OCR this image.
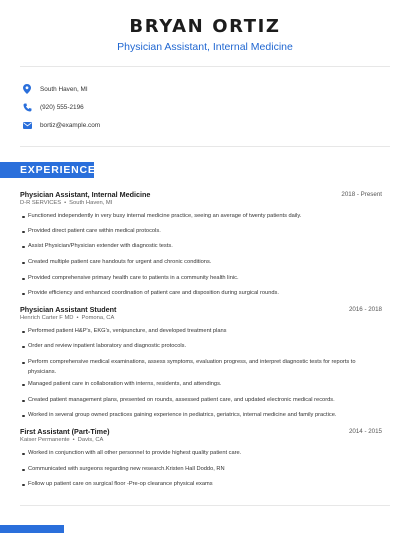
BRYAN ORTIZ
Physician Assistant, Internal Medicine
South Haven, MI
(920) 555-2196
bortiz@example.com
EXPERIENCE
Physician Assistant, Internal Medicine	2018 - Present
D-R SERVICES • South Haven, MI
Functioned independently in very busy internal medicine practice, seeing an average of twenty patients daily.
Provided direct patient care within medical protocols.
Assist Physician/Physician extender with diagnostic tests.
Created multiple patient care handouts for urgent and chronic conditions.
Provided comprehensive primary health care to patients in a community health linic.
Provide efficiency and enhanced coordination of patient care and disposition during surgical rounds.
Physician Assistant Student	2016 - 2018
Henrich Carter F MD • Pomona, CA
Performed patient H&P's, EKG's, venipuncture, and developed treatment plans
Order and review inpatient laboratory and diagnostic protocols.
Perform comprehensive medical examinations, assess symptoms, evaluation progress, and interpret diagnostic tests for reports to physicians.
Managed patient care in collaboration with interns, residents, and attendings.
Created patient management plans, presented on rounds, assessed patient care, and updated electronic medical records.
Worked in several group owned practices gaining experience in pediatrics, geriatrics, internal medicine and family practice.
First Assistant (Part-Time)	2014 - 2015
Kaiser Permanente • Davis, CA
Worked in conjunction with all other personnel to provide highest quality patient care.
Communicated with surgeons regarding new research.Kristen Hall Doddo, RN
Follow up patient care on surgical floor -Pre-op clearance physical exams
